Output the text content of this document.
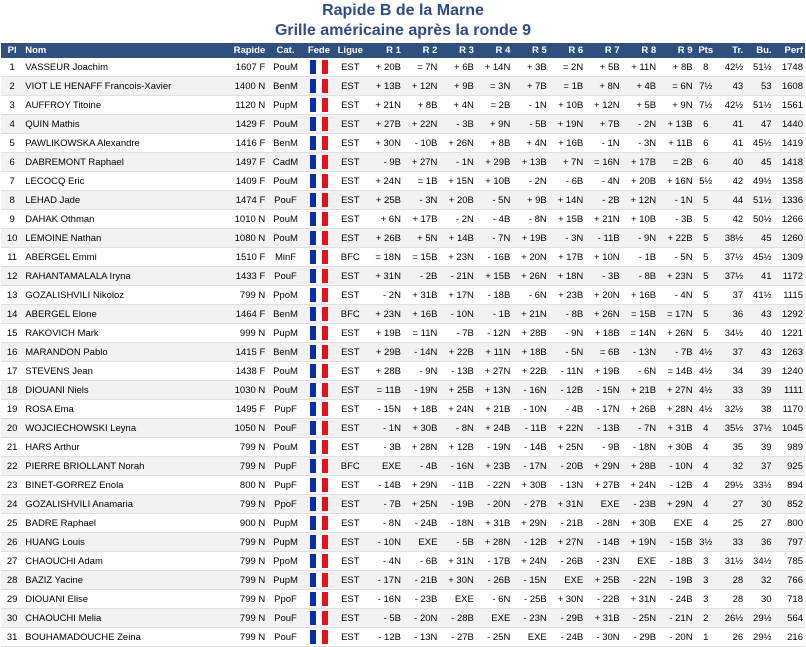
Rapide B de la Marne
Grille américaine après la ronde 9
Pl	Nom	Rapide	Cat.	Fede	Ligue	R 1	R 2	R 3	R 4	R 5	R 6	R 7	R 8	R 9	Pts	Tr.	Bu.	Perf
1	VASSEUR Joachim	1607 F	PouM		EST	+ 20B	= 7N	+ 6B	+ 14N	+ 3B	= 2N	+ 5B	+ 11N	+ 8B	8	42½	51½	1748
2	VIOT LE HENAFF Francois-Xavier	1400 N	BenM		EST	+ 13B	+ 12N	+ 9B	= 3N	+ 7B	= 1B	+ 8N	+ 4B	= 6N	7½	43	53	1608
3	AUFFROY Titoine	1120 N	PupM		EST	+ 21N	+ 8B	+ 4N	= 2B	- 1N	+ 10B	+ 12N	+ 5B	+ 9N	7½	42½	51½	1561
4	QUIN Mathis	1429 F	PouM		EST	+ 27B	+ 22N	- 3B	+ 9N	- 5B	+ 19N	+ 7B	- 2N	+ 13B	6	41	47	1440
5	PAWLIKOWSKA Alexandre	1416 F	BenM		EST	+ 30N	- 10B	+ 26N	+ 8B	+ 4N	+ 16B	- 1N	- 3N	+ 11B	6	41	45½	1419
6	DABREMONT Raphael	1497 F	CadM		EST	- 9B	+ 27N	- 1N	+ 29B	+ 13B	+ 7N	= 16N	+ 17B	= 2B	6	40	45	1418
7	LECOCQ Eric	1409 F	PouM		EST	+ 24N	= 1B	+ 15N	+ 10B	- 2N	- 6B	- 4N	+ 20B	+ 16N	5½	42	49½	1358
8	LEHAD Jade	1474 F	PouF		EST	+ 25B	- 3N	+ 20B	- 5N	+ 9B	+ 14N	- 2B	+ 12N	- 1N	5	44	51½	1336
9	DAHAK Othman	1010 N	PouM		EST	+ 6N	+ 17B	- 2N	- 4B	- 8N	+ 15B	+ 21N	+ 10B	- 3B	5	42	50½	1266
10	LEMOINE Nathan	1080 N	PouM		EST	+ 26B	+ 5N	+ 14B	- 7N	+ 19B	- 3N	- 11B	- 9N	+ 22B	5	38½	45	1260
11	ABERGEL Emmi	1510 F	MinF		BFC	= 18N	= 15B	+ 23N	- 16B	+ 20N	+ 17B	+ 10N	- 1B	- 5N	5	37½	45½	1309
12	RAHANTAMALALA Iryna	1433 F	PouF		EST	+ 31N	- 2B	- 21N	+ 15B	+ 26N	+ 18N	- 3B	- 8B	+ 23N	5	37½	41	1172
13	GOZALISHVILI Nikoloz	799 N	PpoM		EST	- 2N	+ 31B	+ 17N	- 18B	- 6N	+ 23B	+ 20N	+ 16B	- 4N	5	37	41½	1115
14	ABERGEL Elone	1464 F	BenM		BFC	+ 23N	+ 16B	- 10N	- 1B	+ 21N	- 8B	+ 26N	= 15B	= 17N	5	36	43	1292
15	RAKOVICH Mark	999 N	PupM		EST	+ 19B	= 11N	- 7B	- 12N	+ 28B	- 9N	+ 18B	= 14N	+ 26N	5	34½	40	1221
16	MARANDON Pablo	1415 F	BenM		EST	+ 29B	- 14N	+ 22B	+ 11N	+ 18B	- 5N	= 6B	- 13N	- 7B	4½	37	43	1263
17	STEVENS Jean	1438 F	PouM		EST	+ 28B	- 9N	- 13B	+ 27N	+ 22B	- 11N	+ 19B	- 6N	= 14B	4½	34	39	1240
18	DIOUANI Niels	1030 N	PouM		EST	= 11B	- 19N	+ 25B	+ 13N	- 16N	- 12B	- 15N	+ 21B	+ 27N	4½	33	39	1111
19	ROSA Ema	1495 F	PupF		EST	- 15N	+ 18B	+ 24N	+ 21B	- 10N	- 4B	- 17N	+ 26B	+ 28N	4½	32½	38	1170
20	WOJCIECHOWSKI Leyna	1050 N	PouF		EST	- 1N	+ 30B	- 8N	+ 24B	- 11B	+ 22N	- 13B	- 7N	+ 31B	4	35½	37½	1045
21	HARS Arthur	799 N	PouM		EST	- 3B	+ 28N	+ 12B	- 19N	- 14B	+ 25N	- 9B	- 18N	+ 30B	4	35	39	989
22	PIERRE BRIOLLANT Norah	799 N	PupF		BFC	EXE	- 4B	- 16N	+ 23B	- 17N	- 20B	+ 29N	+ 28B	- 10N	4	32	37	925
23	BINET-GORREZ Enola	800 N	PupF		EST	- 14B	+ 29N	- 11B	- 22N	+ 30B	- 13N	+ 27B	+ 24N	- 12B	4	29½	33½	894
24	GOZALISHVILI Anamaria	799 N	PpoF		EST	- 7B	+ 25N	- 19B	- 20N	- 27B	+ 31N	EXE	- 23B	+ 29N	4	27	30	852
25	BADRE Raphael	900 N	PupM		EST	- 8N	- 24B	- 18N	+ 31B	+ 29N	- 21B	- 28N	+ 30B	EXE	4	25	27	800
26	HUANG Louis	799 N	PupM		EST	- 10N	EXE	- 5B	+ 28N	- 12B	+ 27N	- 14B	+ 19N	- 15B	3½	33	36	797
27	CHAOUCHI Adam	799 N	PpoM		EST	- 4N	- 6B	+ 31N	- 17B	+ 24N	- 26B	- 23N	EXE	- 18B	3	31½	34½	785
28	BAZIZ Yacine	799 N	PupM		EST	- 17N	- 21B	+ 30N	- 26B	- 15N	EXE	+ 25B	- 22N	- 19B	3	28	32	766
29	DIOUANI Elise	799 N	PpoF		EST	- 16N	- 23B	EXE	- 6N	- 25B	+ 30N	- 22B	+ 31N	- 24B	3	28	30	718
30	CHAOUCHI Melia	799 N	PouF		EST	- 5B	- 20N	- 28B	EXE	- 23N	- 29B	+ 31B	- 25N	- 21N	2	26½	29½	564
31	BOUHAMADOUCHE Zeina	799 N	PouF		EST	- 12B	- 13N	- 27B	- 25N	EXE	- 24B	- 30N	- 29B	- 20N	1	26	29½	216
